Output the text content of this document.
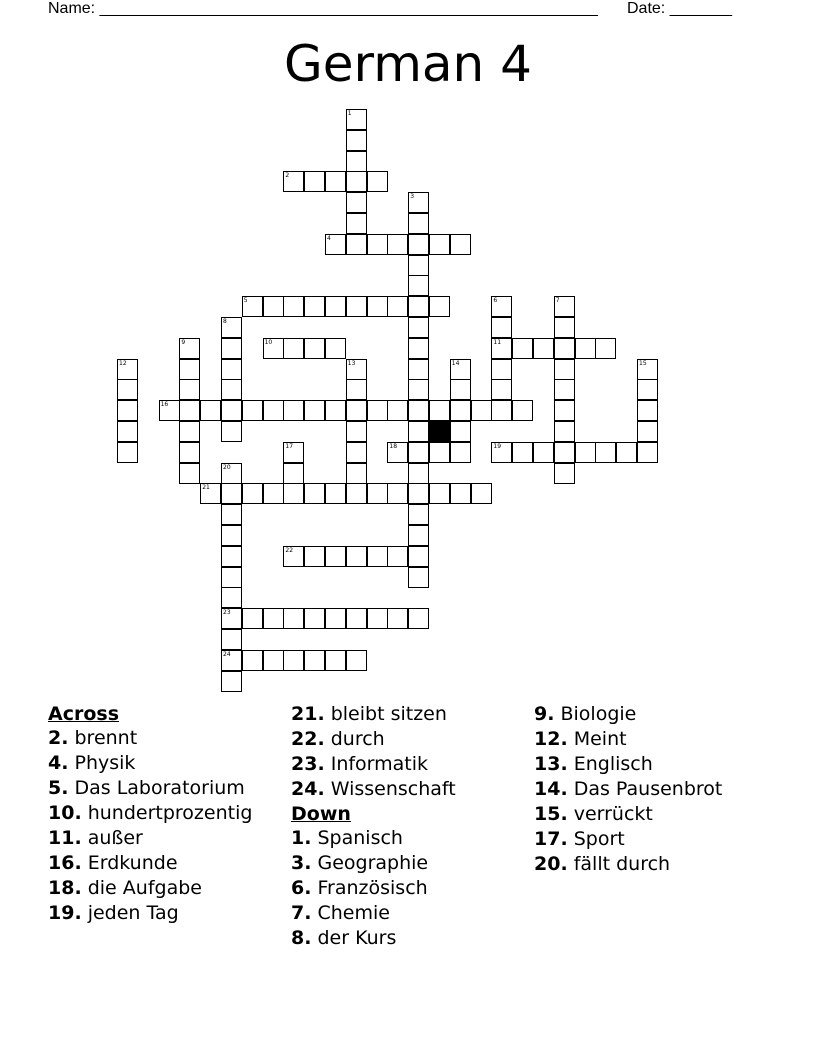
Name: ________________________________________________________ Date: _______
German 4
1
2
3
4
5	6
11
7
8
9	10
12	13	14	15
16
17	18	19
20
23
24
21
22
Across
2. brennt
4. Physik
5. Das Laboratorium
10. hundertprozentig
11. außer
16. Erdkunde
18. die Aufgabe
19. jeden Tag
21. bleibt sitzen
22. durch
23. Informatik
24. Wissenschaft
Down
1. Spanisch
3. Geographie
6. Französisch
7. Chemie
8. der Kurs
9. Biologie
12. Meint
13. Englisch
14. Das Pausenbrot
15. verrückt
17. Sport
20. fällt durch
